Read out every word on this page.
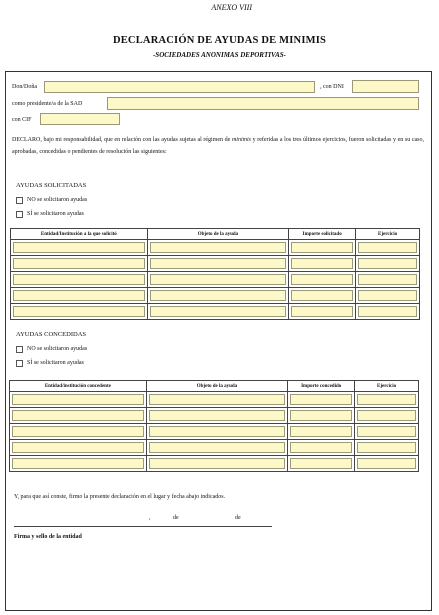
ANEXO VIII
DECLARACIÓN DE AYUDAS DE MINIMIS
-SOCIEDADES ANONIMAS DEPORTIVAS-
Don/Doña	, con DNI
como presidente/a de la SAD
con CIF
DECLARO, bajo mi responsabilidad, que en relación con las ayudas sujetas al régimen de minimis y referidas a los tres últimos ejercicios, fueron solicitadas y en su caso, aprobadas, concedidas o pendientes de resolución las siguientes:
AYUDAS SOLICITADAS
NO se solicitaron ayudas
SÍ se solicitaron ayudas
Entidad/Institución a la que solicitó	Objeto de la ayuda	Importe solicitado	Ejercicio

AYUDAS CONCEDIDAS
NO se solicitaron ayudas
SÍ se solicitaron ayudas
Entidad/institución concedente	Objeto de la ayuda	Importe concedido	Ejercicio

Y, para que así conste, firmo la presente declaración en el lugar y fecha abajo indicados.
,	de	de
Firma y sello de la entidad
